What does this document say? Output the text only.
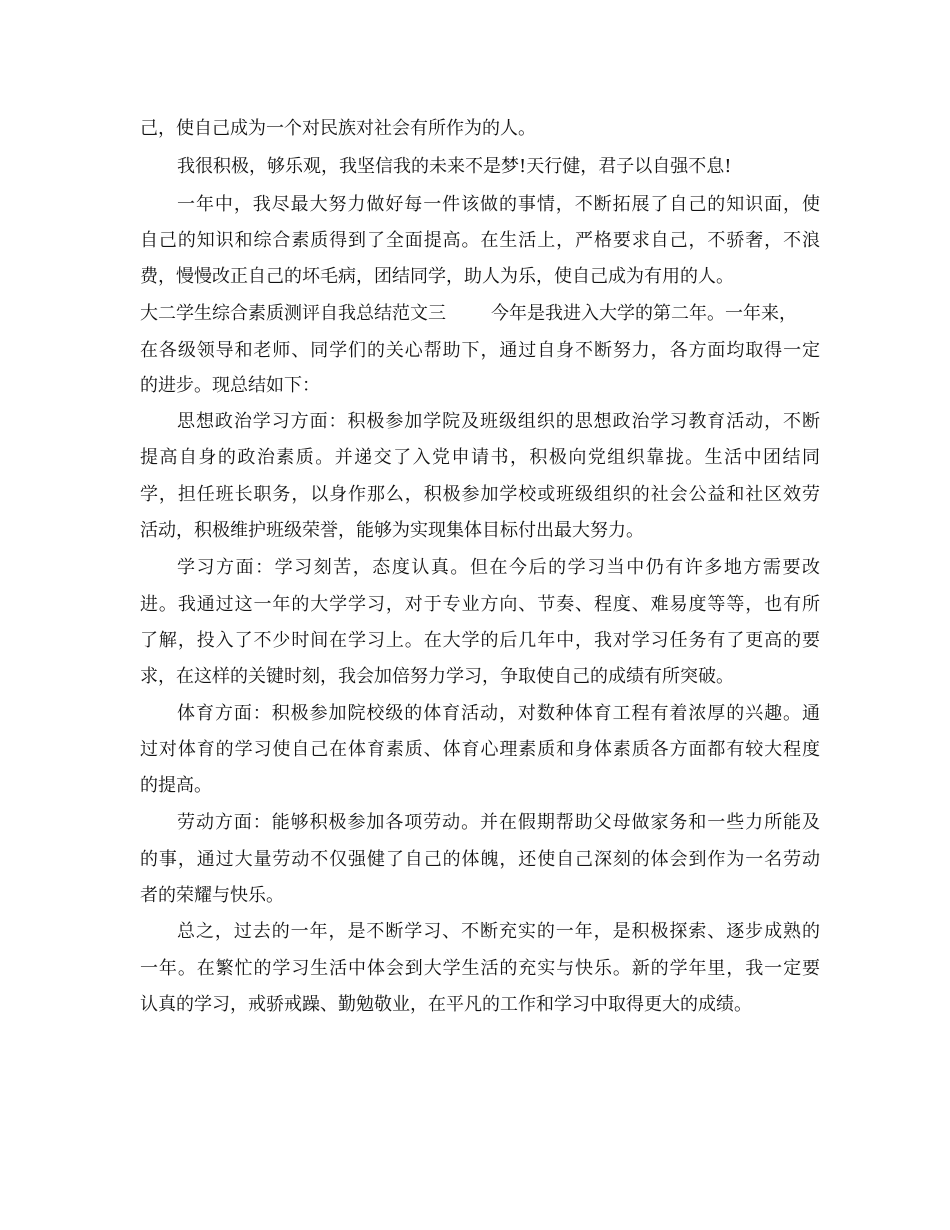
己，使自己成为一个对民族对社会有所作为的人。
我很积极，够乐观，我坚信我的未来不是梦!天行健，君子以自强不息!
一年中，我尽最大努力做好每一件该做的事情，不断拓展了自己的知识面，使
自己的知识和综合素质得到了全面提高。在生活上，严格要求自己，不骄奢，不浪
费，慢慢改正自己的坏毛病，团结同学，助人为乐，使自己成为有用的人。
大二学生综合素质测评自我总结范文三	今年是我进入大学的第二年。一年来，
在各级领导和老师、同学们的关心帮助下，通过自身不断努力，各方面均取得一定
的进步。现总结如下：
思想政治学习方面：积极参加学院及班级组织的思想政治学习教育活动，不断
提高自身的政治素质。并递交了入党申请书，积极向党组织靠拢。生活中团结同
学，担任班长职务，以身作那么，积极参加学校或班级组织的社会公益和社区效劳
活动，积极维护班级荣誉，能够为实现集体目标付出最大努力。
学习方面：学习刻苦，态度认真。但在今后的学习当中仍有许多地方需要改
进。我通过这一年的大学学习，对于专业方向、节奏、程度、难易度等等，也有所
了解，投入了不少时间在学习上。在大学的后几年中，我对学习任务有了更高的要
求，在这样的关键时刻，我会加倍努力学习，争取使自己的成绩有所突破。
体育方面：积极参加院校级的体育活动，对数种体育工程有着浓厚的兴趣。通
过对体育的学习使自己在体育素质、体育心理素质和身体素质各方面都有较大程度
的提高。
劳动方面：能够积极参加各项劳动。并在假期帮助父母做家务和一些力所能及
的事，通过大量劳动不仅强健了自己的体魄，还使自己深刻的体会到作为一名劳动
者的荣耀与快乐。
总之，过去的一年，是不断学习、不断充实的一年，是积极探索、逐步成熟的
一年。在繁忙的学习生活中体会到大学生活的充实与快乐。新的学年里，我一定要
认真的学习，戒骄戒躁、勤勉敬业，在平凡的工作和学习中取得更大的成绩。
